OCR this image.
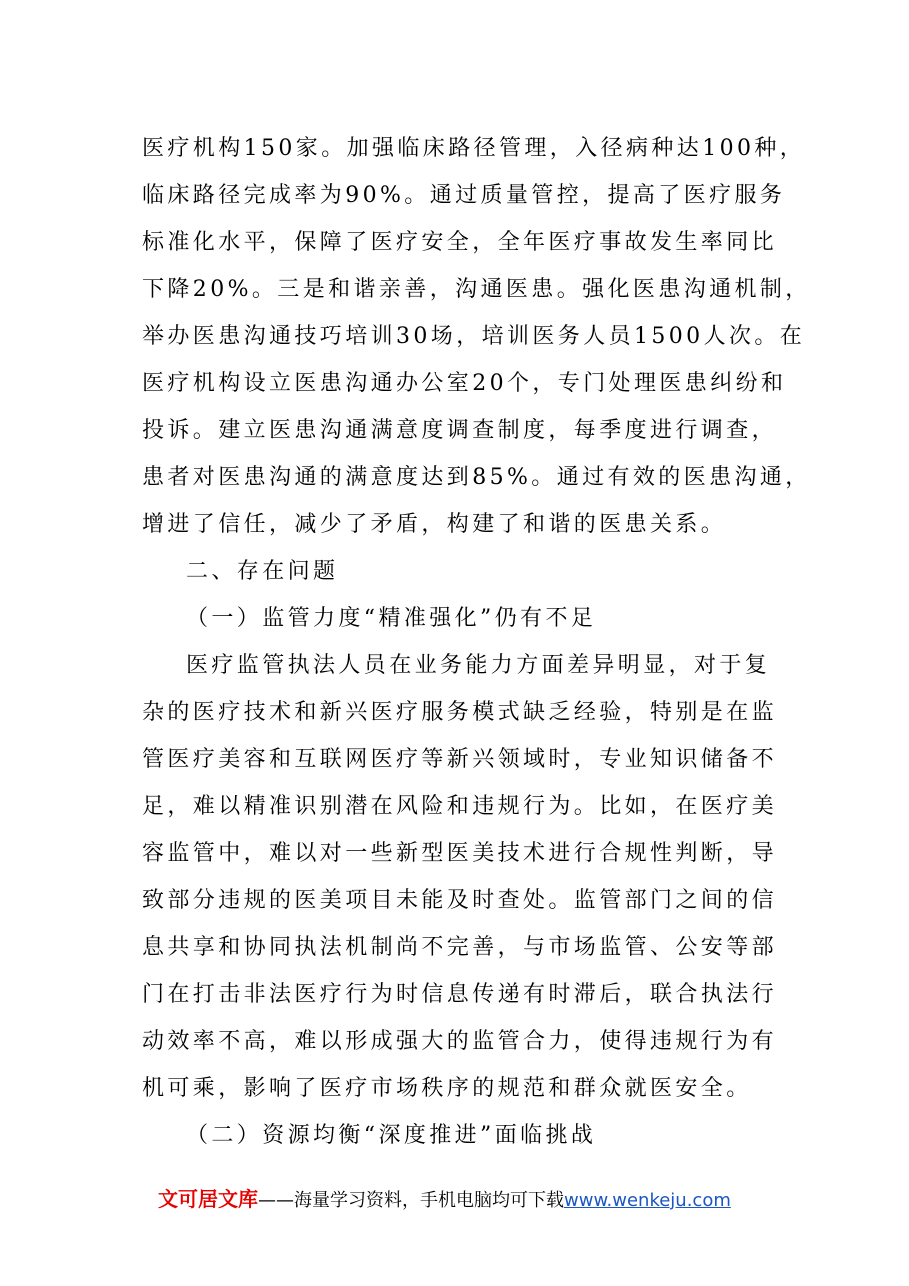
医疗机构150家。加强临床路径管理，入径病种达100种，
临床路径完成率为90%。通过质量管控，提高了医疗服务
标准化水平，保障了医疗安全，全年医疗事故发生率同比
下降20%。三是和谐亲善，沟通医患。强化医患沟通机制，
举办医患沟通技巧培训30场，培训医务人员1500人次。在
医疗机构设立医患沟通办公室20个，专门处理医患纠纷和
投诉。建立医患沟通满意度调查制度，每季度进行调查，
患者对医患沟通的满意度达到85%。通过有效的医患沟通，
增进了信任，减少了矛盾，构建了和谐的医患关系。
二、存在问题
（一）监管力度“精准强化”仍有不足
医疗监管执法人员在业务能力方面差异明显，对于复
杂的医疗技术和新兴医疗服务模式缺乏经验，特别是在监
管医疗美容和互联网医疗等新兴领域时，专业知识储备不
足，难以精准识别潜在风险和违规行为。比如，在医疗美
容监管中，难以对一些新型医美技术进行合规性判断，导
致部分违规的医美项目未能及时查处。监管部门之间的信
息共享和协同执法机制尚不完善，与市场监管、公安等部
门在打击非法医疗行为时信息传递有时滞后，联合执法行
动效率不高，难以形成强大的监管合力，使得违规行为有
机可乘，影响了医疗市场秩序的规范和群众就医安全。
（二）资源均衡“深度推进”面临挑战
文可居文库——海量学习资料，手机电脑均可下载www.wenkeju.com
